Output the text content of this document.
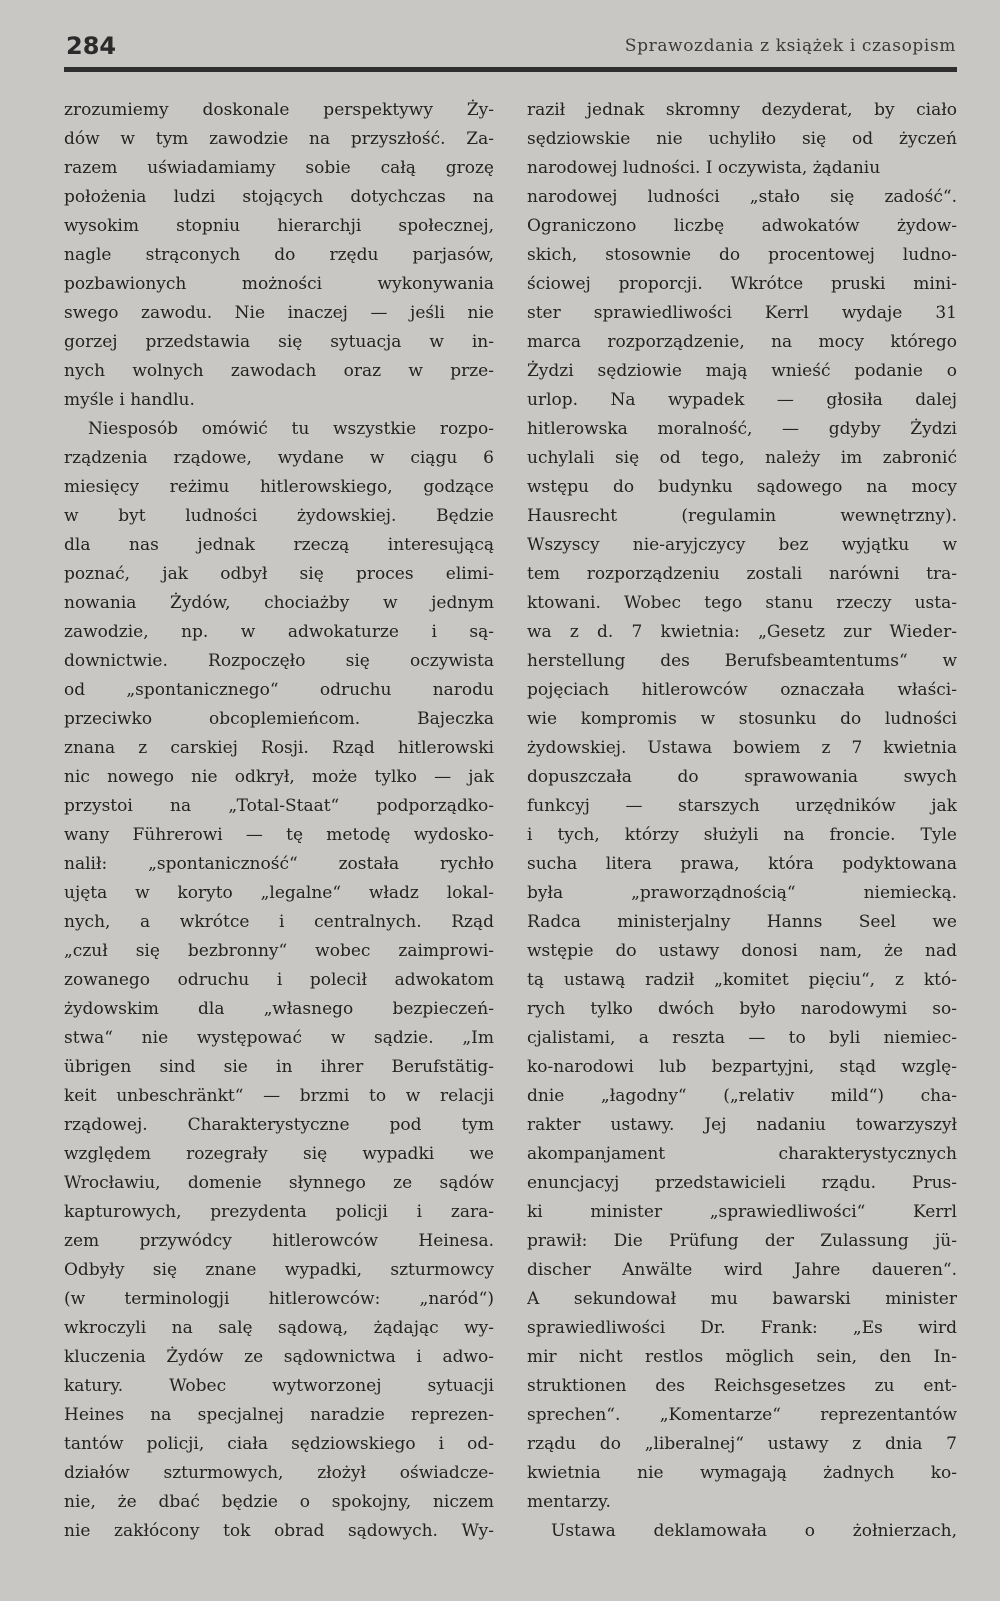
284	Sprawozdania z książek i czasopism
zrozumiemy doskonale perspektywy Ży-
dów w tym zawodzie na przyszłość. Za-
razem uświadamiamy sobie całą grozę
położenia ludzi stojących dotychczas na
wysokim stopniu hierarchji społecznej,
nagle strąconych do rzędu parjasów,
pozbawionych możności wykonywania
swego zawodu. Nie inaczej — jeśli nie
gorzej przedstawia się sytuacja w in-
nych wolnych zawodach oraz w prze-
myśle i handlu.
Niesposób omówić tu wszystkie rozpo-
rządzenia rządowe, wydane w ciągu 6
miesięcy reżimu hitlerowskiego, godzące
w byt ludności żydowskiej. Będzie
dla nas jednak rzeczą interesującą
poznać, jak odbył się proces elimi-
nowania Żydów, chociażby w jednym
zawodzie, np. w adwokaturze i są-
downictwie. Rozpoczęło się oczywista
od „spontanicznego“ odruchu narodu
przeciwko obcoplemieńcom. Bajeczka
znana z carskiej Rosji. Rząd hitlerowski
nic nowego nie odkrył, może tylko — jak
przystoi na „Total-Staat“ podporządko-
wany Führerowi — tę metodę wydosko-
nalił: „spontaniczność“ została rychło
ujęta w koryto „legalne“ władz lokal-
nych, a wkrótce i centralnych. Rząd
„czuł się bezbronny“ wobec zaimprowi-
zowanego odruchu i polecił adwokatom
żydowskim dla „własnego bezpieczeń-
stwa“ nie występować w sądzie. „Im
übrigen sind sie in ihrer Berufstätig-
keit unbeschränkt“ — brzmi to w relacji
rządowej. Charakterystyczne pod tym
względem rozegrały się wypadki we
Wrocławiu, domenie słynnego ze sądów
kapturowych, prezydenta policji i zara-
zem przywódcy hitlerowców Heinesa.
Odbyły się znane wypadki, szturmowcy
(w terminologji hitlerowców: „naród“)
wkroczyli na salę sądową, żądając wy-
kluczenia Żydów ze sądownictwa i adwo-
katury. Wobec wytworzonej sytuacji
Heines na specjalnej naradzie reprezen-
tantów policji, ciała sędziowskiego i od-
działów szturmowych, złożył oświadcze-
nie, że dbać będzie o spokojny, niczem
nie zakłócony tok obrad sądowych. Wy-
raził jednak skromny dezyderat, by ciało
sędziowskie nie uchyliło się od życzeń
narodowej ludności. I oczywista, żądaniu
narodowej ludności „stało się zadość“.
Ograniczono liczbę adwokatów żydow-
skich, stosownie do procentowej ludno-
ściowej proporcji. Wkrótce pruski mini-
ster sprawiedliwości Kerrl wydaje 31
marca rozporządzenie, na mocy którego
Żydzi sędziowie mają wnieść podanie o
urlop. Na wypadek — głosiła dalej
hitlerowska moralność, — gdyby Żydzi
uchylali się od tego, należy im zabronić
wstępu do budynku sądowego na mocy
Hausrecht (regulamin wewnętrzny).
Wszyscy nie-aryjczycy bez wyjątku w
tem rozporządzeniu zostali narówni tra-
ktowani. Wobec tego stanu rzeczy usta-
wa z d. 7 kwietnia: „Gesetz zur Wieder-
herstellung des Berufsbeamtentums“ w
pojęciach hitlerowców oznaczała właści-
wie kompromis w stosunku do ludności
żydowskiej. Ustawa bowiem z 7 kwietnia
dopuszczała do sprawowania swych
funkcyj — starszych urzędników jak
i tych, którzy służyli na froncie. Tyle
sucha litera prawa, która podyktowana
była „praworządnością“ niemiecką.
Radca ministerjalny Hanns Seel we
wstępie do ustawy donosi nam, że nad
tą ustawą radził „komitet pięciu“, z któ-
rych tylko dwóch było narodowymi so-
cjalistami, a reszta — to byli niemiec-
ko-narodowi lub bezpartyjni, stąd wzglę-
dnie „łagodny“ („relativ mild“) cha-
rakter ustawy. Jej nadaniu towarzyszył
akompanjament charakterystycznych
enuncjacyj przedstawicieli rządu. Prus-
ki minister „sprawiedliwości“ Kerrl
prawił: Die Prüfung der Zulassung jü-
discher Anwälte wird Jahre daueren“.
A sekundował mu bawarski minister
sprawiedliwości Dr. Frank: „Es wird
mir nicht restlos möglich sein, den In-
struktionen des Reichsgesetzes zu ent-
sprechen“. „Komentarze“ reprezentantów
rządu do „liberalnej“ ustawy z dnia 7
kwietnia nie wymagają żadnych ko-
mentarzy.
Ustawa deklamowała o żołnierzach,
